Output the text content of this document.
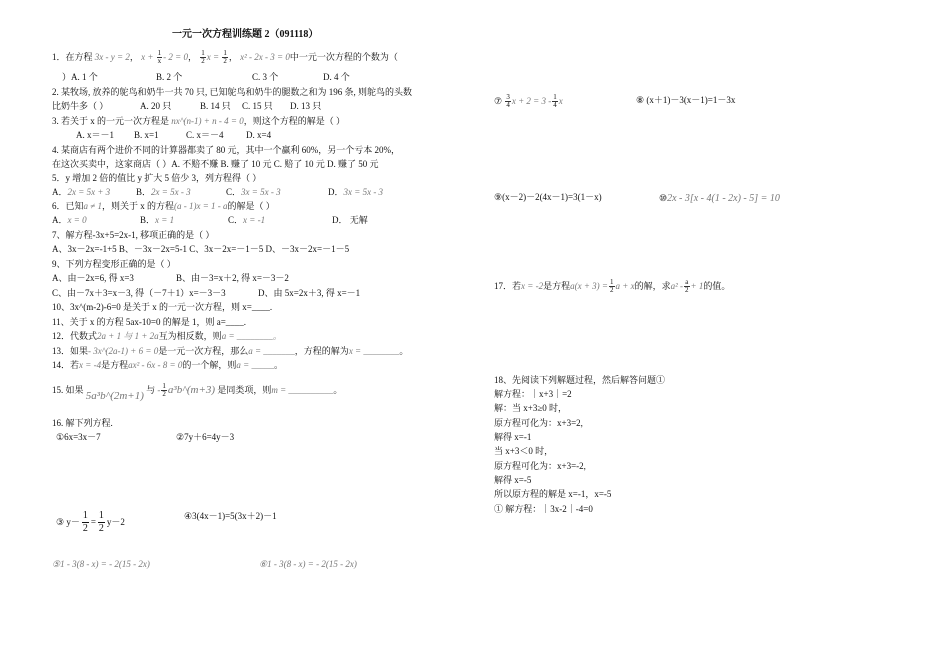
一元一次方程训练题 2（091118）
1．在方程 3x - y = 2， $x + \frac{1}{x} - 2 = 0$， $\frac{1}{2}$ $x = \frac{1}{2}$ ， x² - 2x - 3 = 0中一元一次方程的个数为（
）A. 1 个	B. 2 个	C. 3 个	D. 4 个
2. 某牧场, 放养的鸵鸟和奶牛一共 70 只, 已知鸵鸟和奶牛的腿数之和为 196 条, 则鸵鸟的头数
比奶牛多（ ）	A. 20 只	B. 14 只 C. 15 只 D. 13 只
3. 若关于 x 的一元一次方程是 nx^(n-1) + n - 4 = 0，则这个方程的解是（ ）
A. x＝－1 B. x=1	C. x＝－4 D. x=4
4. 某商店有两个进价不同的计算器都卖了 80 元，其中一个赢利 60%，另一个亏本 20%，
在这次买卖中，这家商店（ ）A. 不赔不赚 B. 赚了 10 元 C. 赔了 10 元 D. 赚了 50 元
5．y 增加 2 倍的值比 y 扩大 5 倍少 3，列方程得（ ）
A．2x = 5x + 3	B．2x = 5x - 3	C．3x = 5x - 3	D．3x = 5x - 3
6．已知a ≠ 1，则关于 x 的方程(a - 1)x = 1 - a的解是（ ）
A．x = 0	B．x = 1	C．x = -1	D． 无解
7、解方程-3x+5=2x-1, 移项正确的是（ ）
A、3x－2x=-1+5 B、－3x－2x=5-1 C、3x－2x=－1－5 D、－3x－2x=－1－5
9、下列方程变形正确的是（ ）
A、由－2x=6, 得 x=3	B、由－3=x＋2, 得 x=－3－2
C、由－7x＋3=x－3, 得（－7＋1）x=－3－3	D、由 5x=2x＋3, 得 x=－1
10、3x^(m-2)-6=0 是关于 x 的一元一次方程，则 x=____.
11、关于 x 的方程 5ax-10=0 的解是 1，则 a=____.
12．代数式2a + 1 与 1 + 2a互为相反数，则a = ________。
13．如果- 3x^(2a-1) + 6 = 0是一元一次方程，那么a = _______，方程的解为x = ________。
14．若x = -4是方程ax² - 6x - 8 = 0的一个解，则a = _____。
15. 如果 5a³b^(2m+1) 与 - $\frac{1}{2}$ a³b^(m+3) 是同类项，则m = __________。
16. 解下列方程.
①6x=3x－7	②7y＋6=4y－3
③ $y- \frac{1}{2} = \frac{1}{2} y-2$
④3(4x－1)=5(3x＋2)－1
⑤1 - 3(8 - x) = - 2(15 - 2x)	⑥1 - 3(8 - x) = - 2(15 - 2x)
⑦ $\frac{3}{4}$ $x + 2 = 3 - \frac{1}{4}$ x	⑧ (x＋1)－3(x－1)=1－3x
⑨(x－2)－2(4x－1)=3(1－x)	⑩2x - 3[x - 4(1 - 2x) - 5] = 10
17．若x = -2是方程$a(x + 3) = \frac{1}{2}$ a + x的解，求$a^2 - \frac{a}{2} + 1$的值。
18、先阅读下列解题过程，然后解答问题①
解方程：｜x+3｜=2
解：当 x+3≥0 时，
原方程可化为：x+3=2,
解得 x=-1
当 x+3＜0 时，
原方程可化为：x+3=-2,
解得 x=-5
所以原方程的解是 x=-1，x=-5
① 解方程：｜3x-2｜-4=0
